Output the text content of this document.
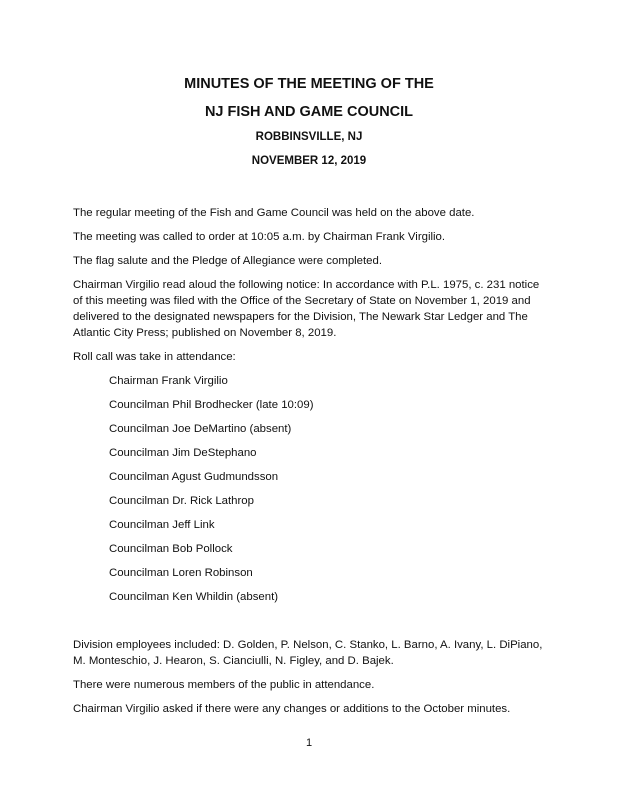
MINUTES OF THE MEETING OF THE

NJ FISH AND GAME COUNCIL

ROBBINSVILLE, NJ

NOVEMBER 12, 2019

The regular meeting of the Fish and Game Council was held on the above date.

The meeting was called to order at 10:05 a.m. by Chairman Frank Virgilio.

The flag salute and the Pledge of Allegiance were completed.

Chairman Virgilio read aloud the following notice: In accordance with P.L. 1975, c. 231 notice of this meeting was filed with the Office of the Secretary of State on November 1, 2019 and delivered to the designated newspapers for the Division, The Newark Star Ledger and The Atlantic City Press; published on November 8, 2019.

Roll call was take in attendance:

Chairman Frank Virgilio

Councilman Phil Brodhecker (late 10:09)

Councilman Joe DeMartino (absent)

Councilman Jim DeStephano

Councilman Agust Gudmundsson

Councilman Dr. Rick Lathrop

Councilman Jeff Link

Councilman Bob Pollock

Councilman Loren Robinson

Councilman Ken Whildin (absent)

Division employees included: D. Golden, P. Nelson, C. Stanko, L. Barno, A. Ivany, L. DiPiano, M. Monteschio, J. Hearon, S. Cianciulli, N. Figley, and D. Bajek.

There were numerous members of the public in attendance.

Chairman Virgilio asked if there were any changes or additions to the October minutes.

1
